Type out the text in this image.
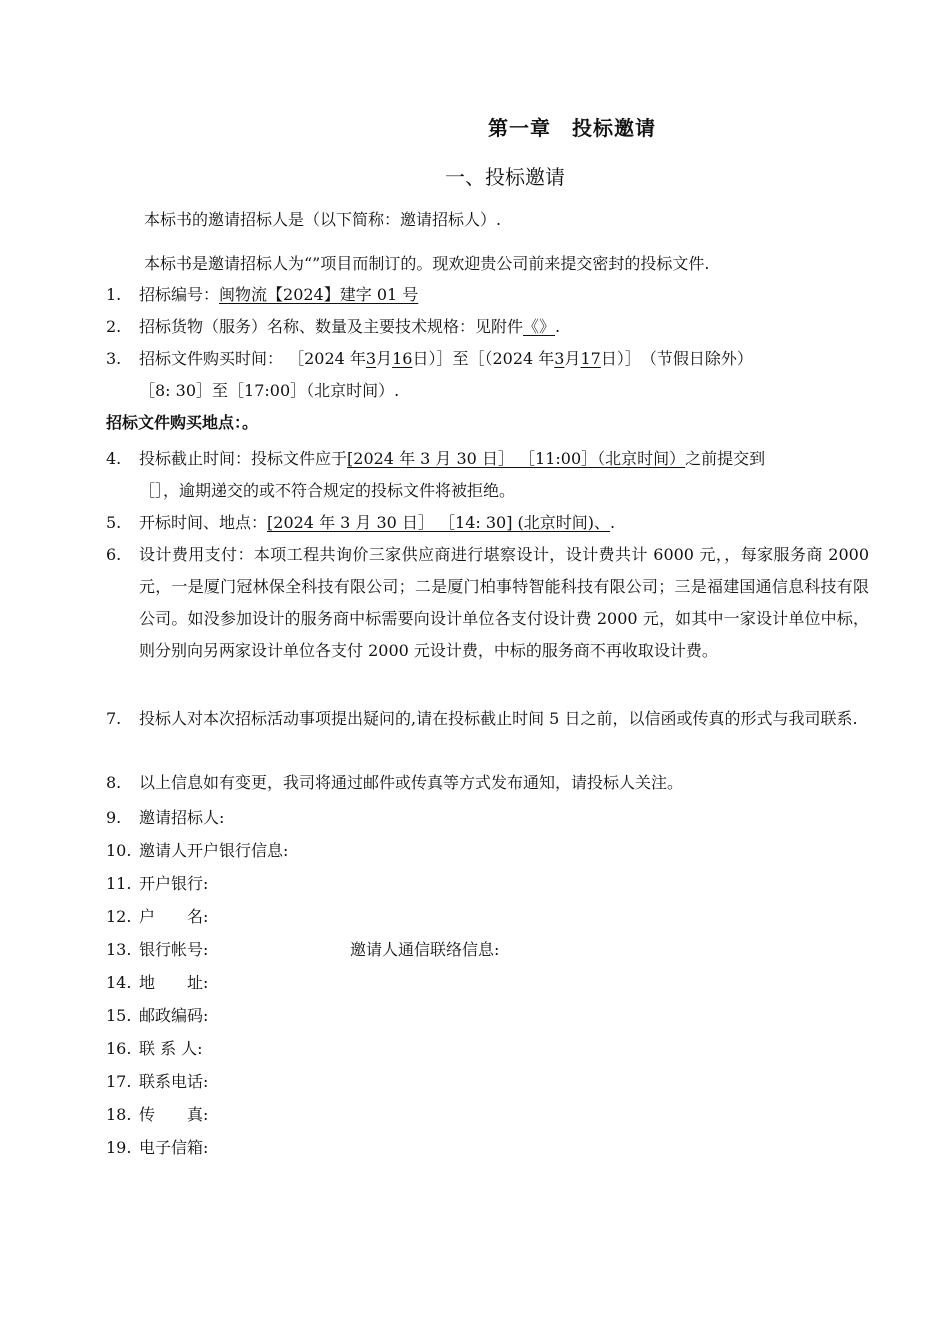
第一章　投标邀请
一、投标邀请
本标书的邀请招标人是（以下简称：邀请招标人）.
本标书是邀请招标人为“”项目而制订的。现欢迎贵公司前来提交密封的投标文件.
1. 招标编号：闽物流【2024】建字 01 号
2. 招标货物（服务）名称、数量及主要技术规格：见附件《》.
3. 招标文件购买时间： ［2024 年3月16日）］至［（2024 年3月17日）］　（节假日除外）
［8: 30］至［17:00］（北京时间）.
招标文件购买地点：。
4. 投标截止时间：投标文件应于[2024 年 3 月 30 日］ ［11:00］（北京时间）之前提交到
［］，逾期递交的或不符合规定的投标文件将被拒绝。
5. 开标时间、地点：[2024 年 3 月 30 日］ ［14: 30] (北京时间)、.
6. 设计费用支付：本项工程共询价三家供应商进行堪察设计，设计费共计 6000 元，，每家服务商 2000 元，一是厦门冠林保全科技有限公司；二是厦门柏事特智能科技有限公司；三是福建国通信息科技有限公司。如没参加设计的服务商中标需要向设计单位各支付设计费 2000 元，如其中一家设计单位中标，则分别向另两家设计单位各支付 2000 元设计费，中标的服务商不再收取设计费。
7. 投标人对本次招标活动事项提出疑问的,请在投标截止时间 5 日之前，以信函或传真的形式与我司联系.
8. 以上信息如有变更，我司将通过邮件或传真等方式发布通知，请投标人关注。
9. 邀请招标人:
10. 邀请人开户银行信息:
11. 开户银行:
12. 户　　名:
13. 银行帐号:	邀请人通信联络信息:
14. 地　　址:
15. 邮政编码:
16. 联 系 人:
17. 联系电话:
18. 传　　真:
19. 电子信箱:
